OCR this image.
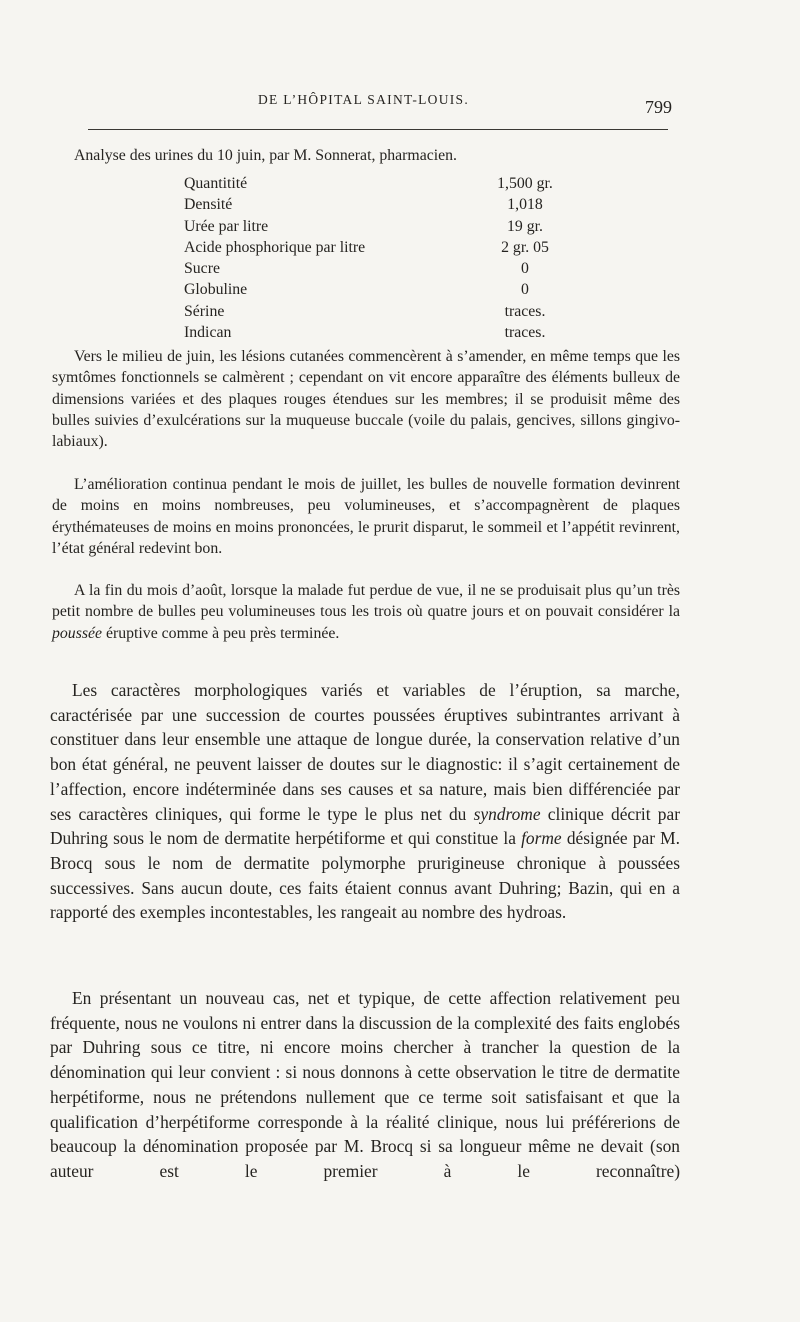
DE L’HÔPITAL SAINT-LOUIS.	799
Analyse des urines du 10 juin, par M. Sonnerat, pharmacien.
Quantitité	1,500 gr.
Densité	1,018
Urée par litre	19 gr.
Acide phosphorique par litre	2 gr. 05
Sucre	0
Globuline	0
Sérine	traces.
Indican	traces.

Vers le milieu de juin, les lésions cutanées commencèrent à s’amender, en même temps que les symtômes fonctionnels se calmèrent ; cependant on vit encore apparaître des éléments bulleux de dimensions variées et des plaques rouges étendues sur les membres; il se produisit même des bulles suivies d’exulcérations sur la muqueuse buccale (voile du palais, gencives, sillons gingivo-labiaux).

L’amélioration continua pendant le mois de juillet, les bulles de nouvelle formation devinrent de moins en moins nombreuses, peu volumineuses, et s’accompagnèrent de plaques érythémateuses de moins en moins prononcées, le prurit disparut, le sommeil et l’appétit revinrent, l’état général redevint bon.

A la fin du mois d’août, lorsque la malade fut perdue de vue, il ne se produisait plus qu’un très petit nombre de bulles peu volumineuses tous les trois où quatre jours et on pouvait considérer la poussée éruptive comme à peu près terminée.

Les caractères morphologiques variés et variables de l’éruption, sa marche, caractérisée par une succession de courtes poussées éruptives subintrantes arrivant à constituer dans leur ensemble une attaque de longue durée, la conservation relative d’un bon état général, ne peuvent laisser de doutes sur le diagnostic: il s’agit certainement de l’affection, encore indéterminée dans ses causes et sa nature, mais bien différenciée par ses caractères cliniques, qui forme le type le plus net du syndrome clinique décrit par Duhring sous le nom de dermatite herpétiforme et qui constitue la forme désignée par M. Brocq sous le nom de dermatite polymorphe prurigineuse chronique à poussées successives. Sans aucun doute, ces faits étaient connus avant Duhring; Bazin, qui en a rapporté des exemples incontestables, les rangeait au nombre des hydroas.

En présentant un nouveau cas, net et typique, de cette affection relativement peu fréquente, nous ne voulons ni entrer dans la discussion de la complexité des faits englobés par Duhring sous ce titre, ni encore moins chercher à trancher la question de la dénomination qui leur convient : si nous donnons à cette observation le titre de dermatite herpétiforme, nous ne prétendons nullement que ce terme soit satisfaisant et que la qualification d’herpétiforme corresponde à la réalité clinique, nous lui préférerions de beaucoup la dénomination proposée par M. Brocq si sa longueur même ne devait (son auteur est le premier à le reconnaître)
